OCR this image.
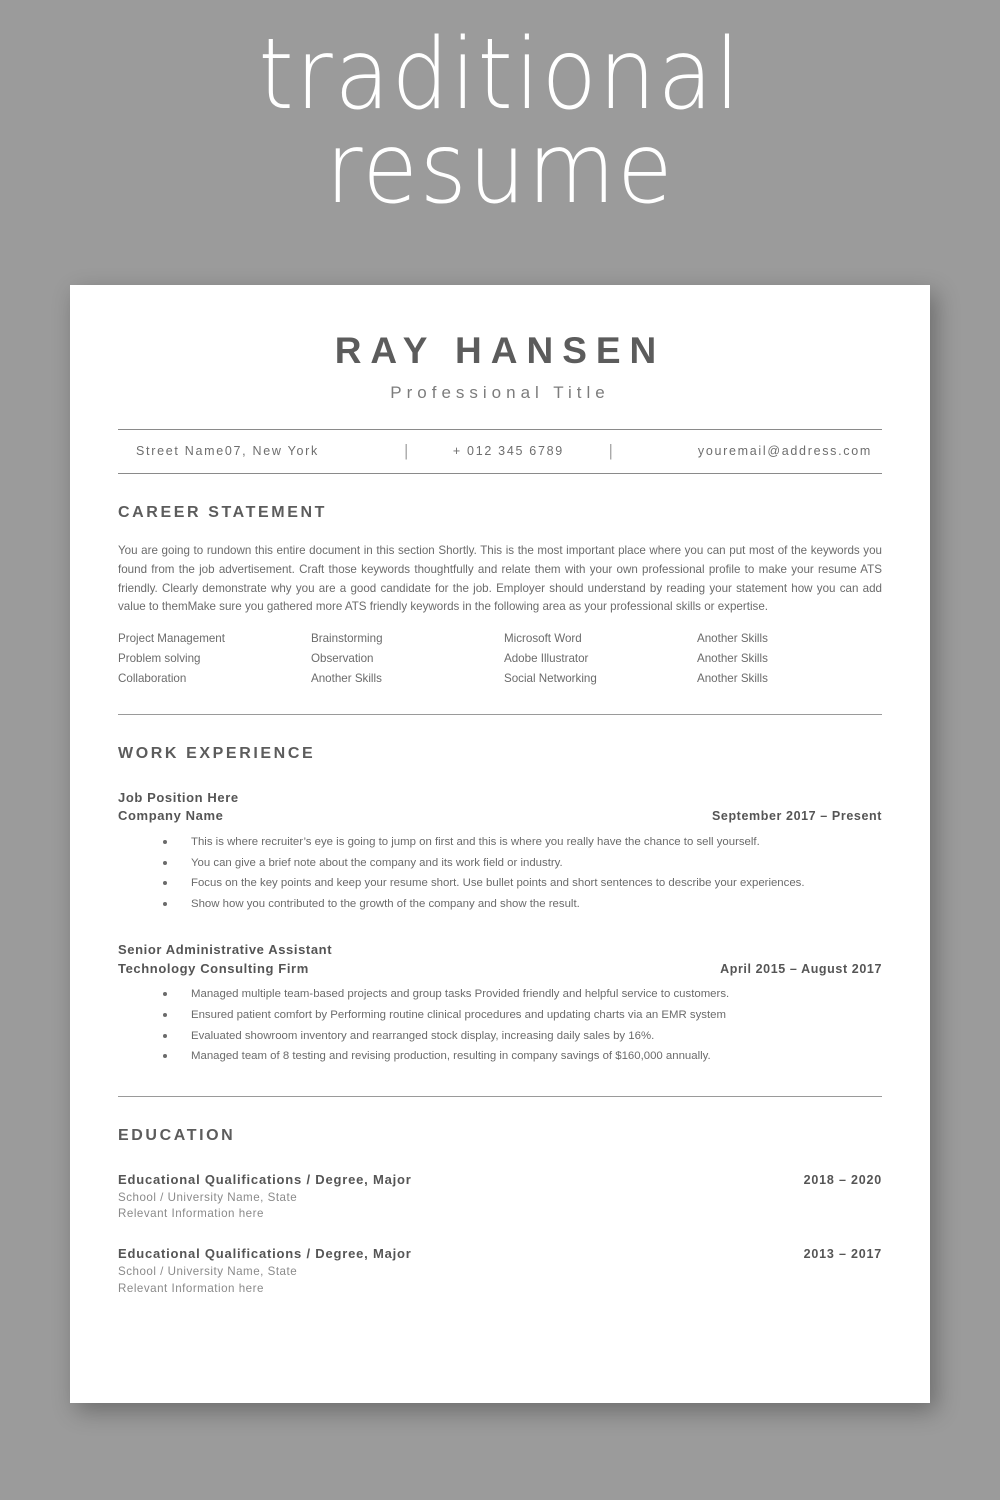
traditional
resume
RAY HANSEN
Professional Title
Street Name07, New York	|	+ 012 345 6789	|	youremail@address.com
CAREER STATEMENT

You are going to rundown this entire document in this section Shortly. This is the most important place where you can put most of the keywords you found from the job advertisement. Craft those keywords thoughtfully and relate them with your own professional profile to make your resume ATS friendly. Clearly demonstrate why you are a good candidate for the job. Employer should understand by reading your statement how you can add value to themMake sure you gathered more ATS friendly keywords in the following area as your professional skills or expertise.

Project Management	Brainstorming	Microsoft Word	Another Skills
Problem solving	Observation	Adobe Illustrator	Another Skills
Collaboration	Another Skills	Social Networking	Another Skills
WORK EXPERIENCE
Job Position Here
Company Name	September 2017 – Present
This is where recruiter’s eye is going to jump on first and this is where you really have the chance to sell yourself.
You can give a brief note about the company and its work field or industry.
Focus on the key points and keep your resume short. Use bullet points and short sentences to describe your experiences.
Show how you contributed to the growth of the company and show the result.
Senior Administrative Assistant
Technology Consulting Firm	April 2015 – August 2017
Managed multiple team-based projects and group tasks Provided friendly and helpful service to customers.
Ensured patient comfort by Performing routine clinical procedures and updating charts via an EMR system
Evaluated showroom inventory and rearranged stock display, increasing daily sales by 16%.
Managed team of 8 testing and revising production, resulting in company savings of $160,000 annually.
EDUCATION
Educational Qualifications / Degree, Major	2018 – 2020
School / University Name, State
Relevant Information here
Educational Qualifications / Degree, Major	2013 – 2017
School / University Name, State
Relevant Information here
